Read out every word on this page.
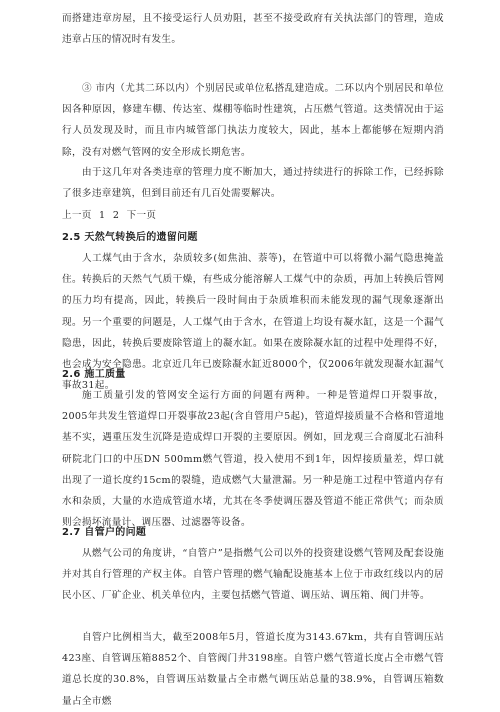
而搭建违章房屋，且不接受运行人员劝阻，甚至不接受政府有关执法部门的管理，造成违章占压的情况时有发生。

③ 市内（尤其二环以内）个别居民或单位私搭乱建造成。二环以内个别居民和单位因各种原因，修建车棚、传达室、煤棚等临时性建筑，占压燃气管道。这类情况由于运行人员发现及时，而且市内城管部门执法力度较大，因此，基本上都能够在短期内消除，没有对燃气管网的安全形成长期危害。

由于这几年对各类违章的管理力度不断加大，通过持续进行的拆除工作，已经拆除了很多违章建筑，但到目前还有几百处需要解决。

上一页 1 2 下一页
2.5 天然气转换后的遗留问题

人工煤气由于含水，杂质较多(如焦油、萘等)，在管道中可以将微小漏气隐患掩盖住。转换后的天然气气质干燥，有些成分能溶解人工煤气中的杂质，再加上转换后管网的压力均有提高，因此，转换后一段时间由于杂质堆积而未能发现的漏气现象逐渐出现。另一个重要的问题是，人工煤气由于含水，在管道上均设有凝水缸，这是一个漏气隐患，因此，转换后要废除管道上的凝水缸。如果在废除凝水缸的过程中处理得不好，也会成为安全隐患。北京近几年已废除凝水缸近8000个，仅2006年就发现凝水缸漏气事故31起。

2.6 施工质量

施工质量引发的管网安全运行方面的问题有两种。一种是管道焊口开裂事故，2005年共发生管道焊口开裂事故23起(含自管用户5起)，管道焊接质量不合格和管道地基不实，遇重压发生沉降是造成焊口开裂的主要原因。例如，回龙观三合商厦北石油科研院北门口的中压DN 500mm燃气管道，投入使用不到1年，因焊接质量差，焊口就出现了一道长度约15cm的裂缝，造成燃气大量泄漏。另一种是施工过程中管道内存有水和杂质，大量的水造成管道水堵，尤其在冬季使调压器及管道不能正常供气；而杂质则会损坏流量计、调压器、过滤器等设备。

2.7 自管户的问题

从燃气公司的角度讲，“自管户”是指燃气公司以外的投资建设燃气管网及配套设施并对其自行管理的产权主体。自管户管理的燃气输配设施基本上位于市政红线以内的居民小区、厂矿企业、机关单位内，主要包括燃气管道、调压站、调压箱、阀门井等。

自管户比例相当大，截至2008年5月，管道长度为3143.67km，共有自管调压站423座、自管调压箱8852个、自管阀门井3198座。自管户燃气管道长度占全市燃气管道总长度的30.8%，自管调压站数量占全市燃气调压站总量的38.9%，自管调压箱数量占全市燃
